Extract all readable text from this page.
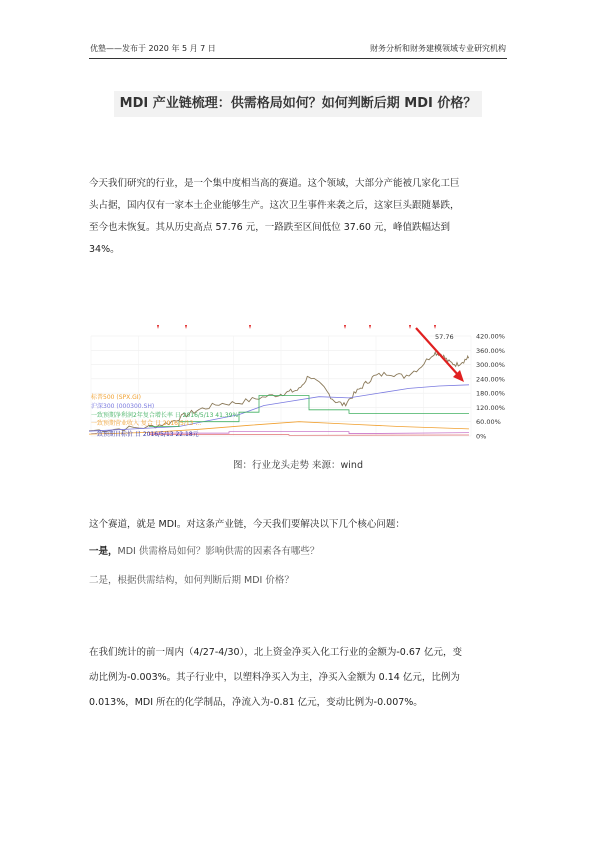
优塾——发布于 2020 年 5 月 7 日	财务分析和财务建模领域专业研究机构
MDI 产业链梳理：供需格局如何？如何判断后期 MDI 价格？
今天我们研究的行业，是一个集中度相当高的赛道。这个领域，大部分产能被几家化工巨
头占据，国内仅有一家本土企业能够生产。这次卫生事件来袭之后，这家巨头跟随暴跌，
至今也未恢复。其从历史高点 57.76 元，一路跌至区间低位 37.60 元，峰值跌幅达到
34%。
420.00%
360.00%
300.00%
240.00%
180.00%
120.00%
60.00%
0%
标普500 (SPX.GI)
沪深300 (000300.SH)
一致预期净利润2年复合增长率 日 2016/5/13 41.39%
一致预期营业收入 复合 日 2016/5/13 ...
一致预期目标价 日 2016/5/13 22.18元
57.76
图：行业龙头走势 来源：wind
这个赛道，就是 MDI。对这条产业链，今天我们要解决以下几个核心问题：
一是，MDI 供需格局如何？影响供需的因素各有哪些？
二是，根据供需结构，如何判断后期 MDI 价格？
在我们统计的前一周内（4/27-4/30），北上资金净买入化工行业的金额为-0.67 亿元，变
动比例为-0.003%。其子行业中，以塑料净买入为主，净买入金额为 0.14 亿元，比例为
0.013%，MDI 所在的化学制品，净流入为-0.81 亿元，变动比例为-0.007%。
